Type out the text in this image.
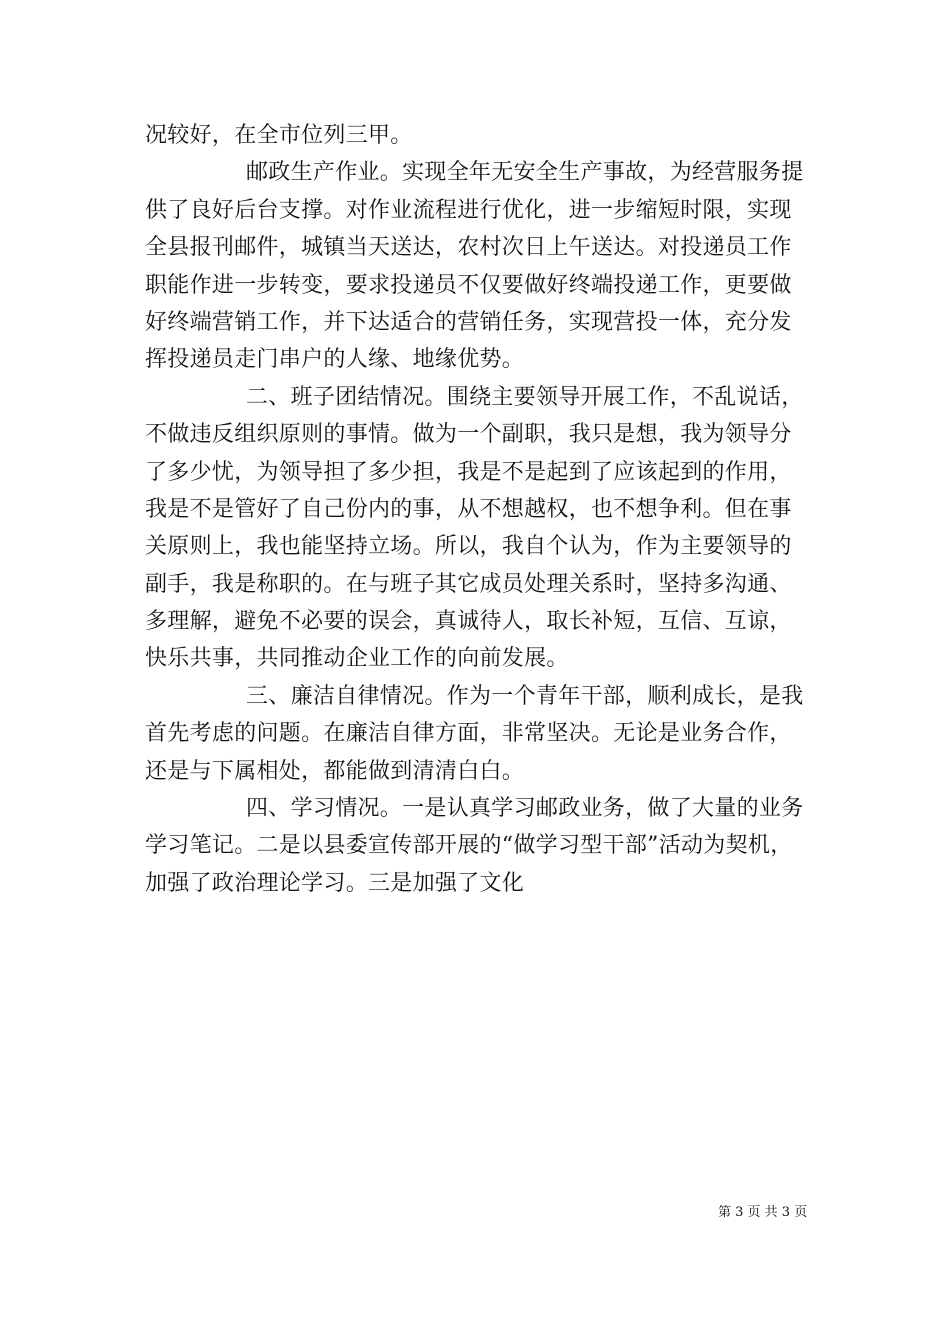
况较好，在全市位列三甲。
邮政生产作业。实现全年无安全生产事故，为经营服务提
供了良好后台支撑。对作业流程进行优化，进一步缩短时限，实现
全县报刊邮件，城镇当天送达，农村次日上午送达。对投递员工作
职能作进一步转变，要求投递员不仅要做好终端投递工作，更要做
好终端营销工作，并下达适合的营销任务，实现营投一体，充分发
挥投递员走门串户的人缘、地缘优势。
二、班子团结情况。围绕主要领导开展工作，不乱说话，
不做违反组织原则的事情。做为一个副职，我只是想，我为领导分
了多少忧，为领导担了多少担，我是不是起到了应该起到的作用，
我是不是管好了自己份内的事，从不想越权，也不想争利。但在事
关原则上，我也能坚持立场。所以，我自个认为，作为主要领导的
副手，我是称职的。在与班子其它成员处理关系时，坚持多沟通、
多理解，避免不必要的误会，真诚待人，取长补短，互信、互谅，
快乐共事，共同推动企业工作的向前发展。
三、廉洁自律情况。作为一个青年干部，顺利成长，是我
首先考虑的问题。在廉洁自律方面，非常坚决。无论是业务合作，
还是与下属相处，都能做到清清白白。
四、学习情况。一是认真学习邮政业务，做了大量的业务
学习笔记。二是以县委宣传部开展的“做学习型干部”活动为契机，
加强了政治理论学习。三是加强了文化
第 3 页 共 3 页
